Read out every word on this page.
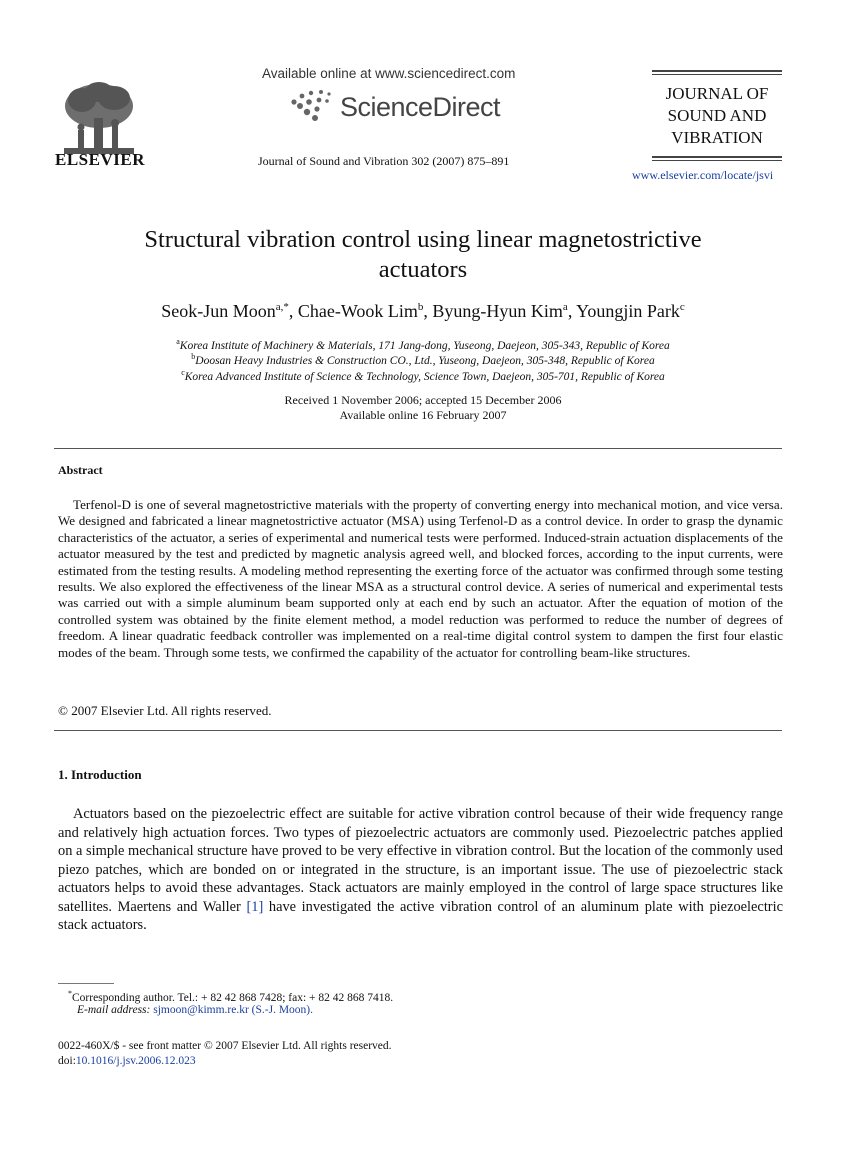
ELSEVIER
Available online at www.sciencedirect.com
ScienceDirect
Journal of Sound and Vibration 302 (2007) 875–891
JOURNAL OF
SOUND AND
VIBRATION
www.elsevier.com/locate/jsvi
Structural vibration control using linear magnetostrictive
actuators
Seok-Jun Moon$^{a,*}$, Chae-Wook Lim$^b$, Byung-Hyun Kim$^a$, Youngjin Park$^c$
$^a$Korea Institute of Machinery & Materials, 171 Jang-dong, Yuseong, Daejeon, 305-343, Republic of Korea
$^b$Doosan Heavy Industries & Construction CO., Ltd., Yuseong, Daejeon, 305-348, Republic of Korea
$^c$Korea Advanced Institute of Science & Technology, Science Town, Daejeon, 305-701, Republic of Korea
Received 1 November 2006; accepted 15 December 2006
Available online 16 February 2007
Abstract
Terfenol-D is one of several magnetostrictive materials with the property of converting energy into mechanical motion, and vice versa. We designed and fabricated a linear magnetostrictive actuator (MSA) using Terfenol-D as a control device. In order to grasp the dynamic characteristics of the actuator, a series of experimental and numerical tests were performed. Induced-strain actuation displacements of the actuator measured by the test and predicted by magnetic analysis agreed well, and blocked forces, according to the input currents, were estimated from the testing results. A modeling method representing the exerting force of the actuator was confirmed through some testing results. We also explored the effectiveness of the linear MSA as a structural control device. A series of numerical and experimental tests was carried out with a simple aluminum beam supported only at each end by such an actuator. After the equation of motion of the controlled system was obtained by the finite element method, a model reduction was performed to reduce the number of degrees of freedom. A linear quadratic feedback controller was implemented on a real-time digital control system to dampen the first four elastic modes of the beam. Through some tests, we confirmed the capability of the actuator for controlling beam-like structures.
© 2007 Elsevier Ltd. All rights reserved.
1. Introduction
Actuators based on the piezoelectric effect are suitable for active vibration control because of their wide frequency range and relatively high actuation forces. Two types of piezoelectric actuators are commonly used. Piezoelectric patches applied on a simple mechanical structure have proved to be very effective in vibration control. But the location of the commonly used piezo patches, which are bonded on or integrated in the structure, is an important issue. The use of piezoelectric stack actuators helps to avoid these advantages. Stack actuators are mainly employed in the control of large space structures like satellites. Maertens and Waller [1] have investigated the active vibration control of an aluminum plate with piezoelectric stack actuators.
*Corresponding author. Tel.: + 82 42 868 7428; fax: + 82 42 868 7418.
E-mail address: sjmoon@kimm.re.kr (S.-J. Moon).
0022-460X/$ - see front matter © 2007 Elsevier Ltd. All rights reserved.
doi:10.1016/j.jsv.2006.12.023
